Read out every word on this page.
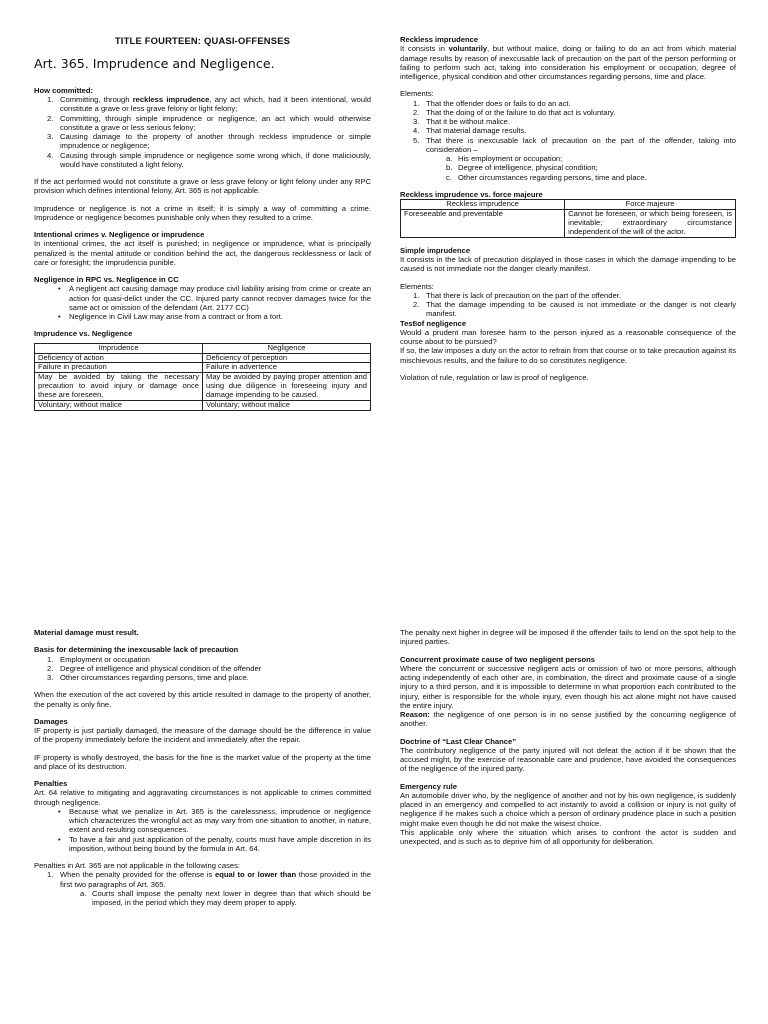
TITLE FOURTEEN: QUASI-OFFENSES
Art. 365. Imprudence and Negligence.

How committed:

1. Committing, through reckless imprudence, any act which, had it been intentional, would constitute a grave or less grave felony or light felony;
2. Committing, through simple imprudence or negligence, an act which would otherwise constitute a grave or less serious felony;
3. Causing damage to the property of another through reckless imprudence or simple imprudence or negligence;
4. Causing through simple imprudence or negligence some wrong which, if done maliciously, would have constituted a light felony.

If the act performed would not constitute a grave or less grave felony or light felony under any RPC provision which defines intentional felony, Art. 365 is not applicable.

Imprudence or negligence is not a crime in itself; it is simply a way of committing a crime. Imprudence or negligence becomes punishable only when they resulted to a crime.

Intentional crimes v. Negligence or imprudence

In intentional crimes, the act itself is punished; in negligence or imprudence, what is principally penalized is the mental attitude or condition behind the act, the dangerous recklessness or lack of care or foresight; the imprudencia punible.

Negligence in RPC vs. Negligence in CC

• A negligent act causing damage may produce civil liability arising from crime or create an action for quasi-delict under the CC. Injured party cannot recover damages twice for the same act or omission of the defendant (Art. 2177 CC)
• Negligence in Civil Law may arise from a contract or from a tort.

Imprudence vs. Negligence

Imprudence	Negligence
Deficiency of action	Deficiency of perception
Failure in precaution	Failure in advertence
May be avoided by taking the necessary precaution to avoid injury or damage once these are foreseen.	May be avoided by paying proper attention and using due diligence in foreseeing injury and damage impending to be caused.
Voluntary; without malice	Voluntary; without malice

Reckless imprudence

It consists in voluntarily, but without malice, doing or failing to do an act from which material damage results by reason of inexcusable lack of precaution on the part of the person performing or failing to perform such act, taking into consideration his employment or occupation, degree of intelligence, physical condition and other circumstances regarding persons, time and place.

Elements:

1. That the offender does or fails to do an act.
2. That the doing of or the failure to do that act is voluntary.
3. That it be without malice.
4. That material damage results.
5. That there is inexcusable lack of precaution on the part of the offender, taking into consideration –
a. His employment or occupation;
b. Degree of intelligence, physical condition;
c. Other circumstances regarding persons, time and place.

Reckless imprudence vs. force majeure

Reckless imprudence	Force majeure
Foreseeable and preventable	Cannot be foreseen, or which being foreseen, is inevitable; extraordinary circumstance independent of the will of the actor.

Simple imprudence

It consists in the lack of precaution displayed in those cases in which the damage impending to be caused is not immediate nor the danger clearly manifest.

Elements:

1. That there is lack of precaution on the part of the offender.
2. That the damage impending to be caused is not immediate or the danger is not clearly manifest.

Test of negligence

Would a prudent man foresee harm to the person injured as a reasonable consequence of the course about to be pursued?

If so, the law imposes a duty on the actor to refrain from that course or to take precaution against its mischievous results, and the failure to do so constitutes negligence.

Violation of rule, regulation or law is proof of negligence.

Material damage must result.

Basis for determining the inexcusable lack of precaution

1. Employment or occupation
2. Degree of intelligence and physical condition of the offender
3. Other circumstances regarding persons, time and place.

When the execution of the act covered by this article resulted in damage to the property of another, the penalty is only fine.

Damages

IF property is just partially damaged, the measure of the damage should be the difference in value of the property immediately before the incident and immediately after the repair.

IF property is wholly destroyed, the basis for the fine is the market value of the property at the time and place of its destruction.

Penalties

Art. 64 relative to mitigating and aggravating circumstances is not applicable to crimes committed through negligence.

• Because what we penalize in Art. 365 is the carelessness, imprudence or negligence which characterizes the wrongful act as may vary from one situation to another, in nature, extent and resulting consequences.
• To have a fair and just application of the penalty, courts must have ample discretion in its imposition, without being bound by the formula in Art. 64.

Penalties in Art. 365 are not applicable in the following cases:

1. When the penalty provided for the offense is equal to or lower than those provided in the first two paragraphs of Art. 365.
a. Courts shall impose the penalty next lower in degree than that which should be imposed, in the period which they may deem proper to apply.

The penalty next higher in degree will be imposed if the offender fails to lend on the spot help to the injured parties.

Concurrent proximate cause of two negligent persons

Where the concurrent or successive negligent acts or omission of two or more persons, although acting independently of each other are, in combination, the direct and proximate cause of a single injury to a third person, and it is impossible to determine in what proportion each contributed to the injury, either is responsible for the whole injury, even though his act alone might not have caused the entire injury.

Reason: the negligence of one person is in no sense justified by the concurring negligence of another.

Doctrine of “Last Clear Chance”

The contributory negligence of the party injured will not defeat the action if it be shown that the accused might, by the exercise of reasonable care and prudence, have avoided the consequences of the negligence of the injured party.

Emergency rule

An automobile driver who, by the negligence of another and not by his own negligence, is suddenly placed in an emergency and compelled to act instantly to avoid a collision or injury is not guilty of negligence if he makes such a choice which a person of ordinary prudence place in such a position might make even though he did not make the wisest choice.

This applicable only where the situation which arises to confront the actor is sudden and unexpected, and is such as to deprive him of all opportunity for deliberation.
